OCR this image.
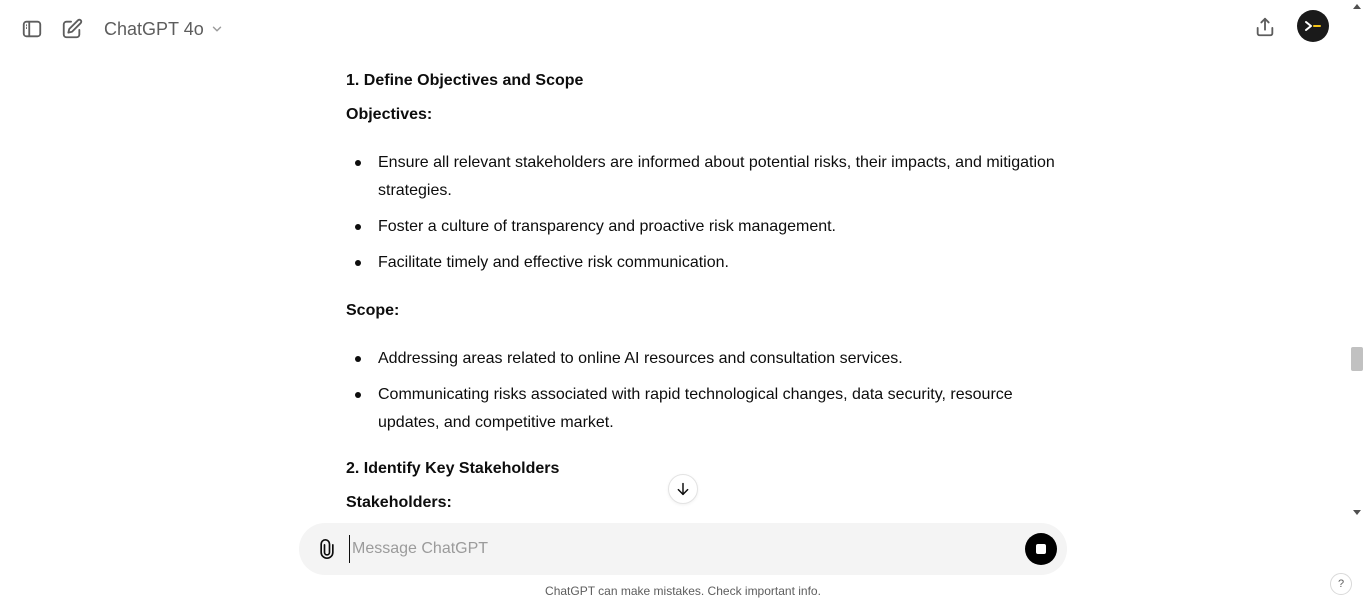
ChatGPT 4o
1. Define Objectives and Scope
Objectives:
Ensure all relevant stakeholders are informed about potential risks, their impacts, and mitigation strategies.
Foster a culture of transparency and proactive risk management.
Facilitate timely and effective risk communication.
Scope:
Addressing areas related to online AI resources and consultation services.
Communicating risks associated with rapid technological changes, data security, resource updates, and competitive market.
2. Identify Key Stakeholders
Stakeholders:
Message ChatGPT
ChatGPT can make mistakes. Check important info.	?
